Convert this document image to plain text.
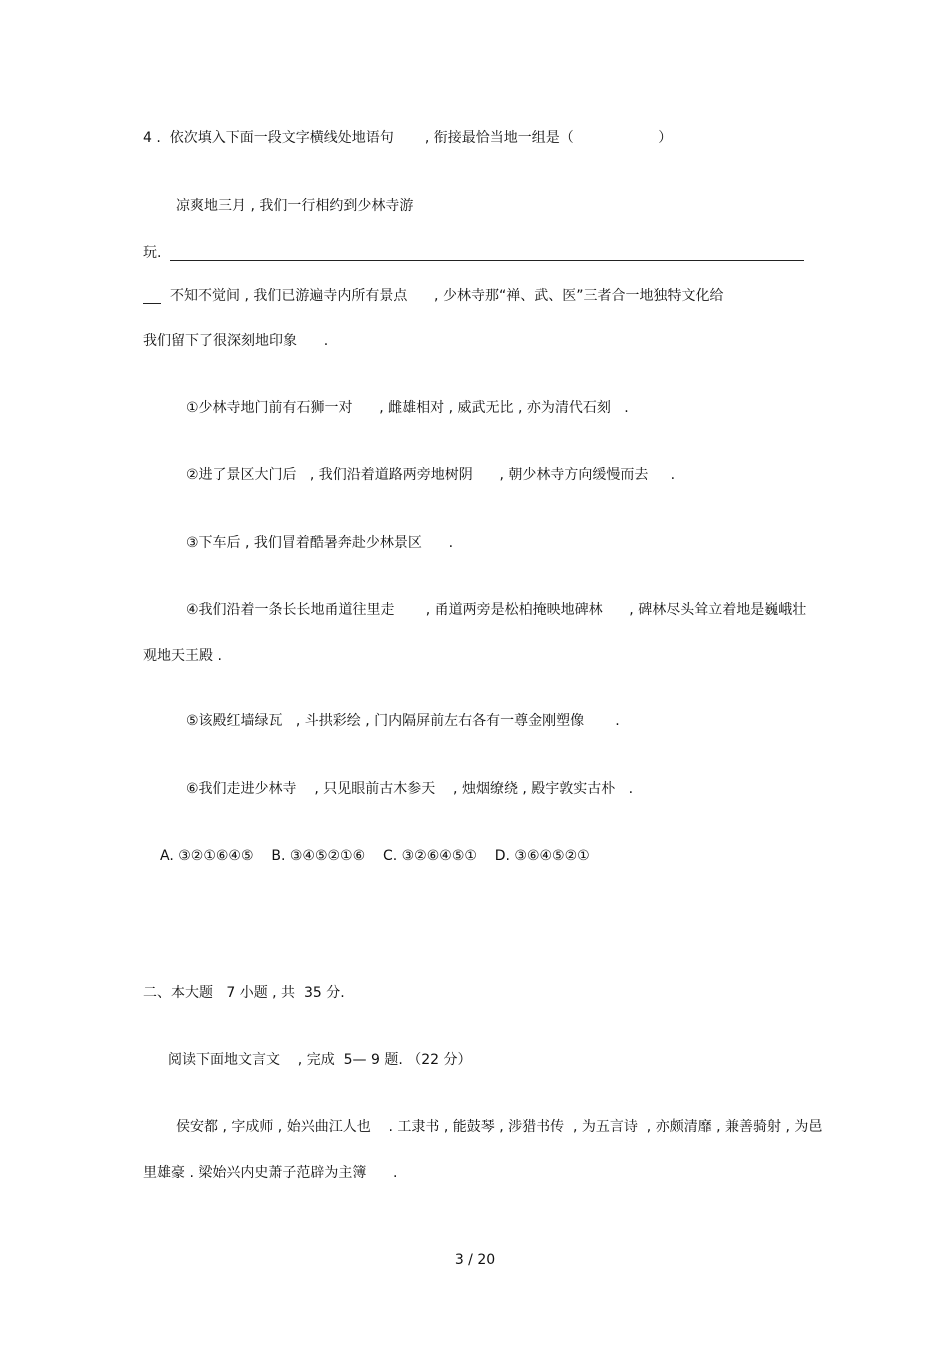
4 .  依次填入下面一段文字横线处地语句       , 衔接最恰当地一组是（                   ）
凉爽地三月 , 我们一行相约到少林寺游
玩.
不知不觉间 , 我们已游遍寺内所有景点      , 少林寺那“禅、武、医”三者合一地独特文化给
我们留下了很深刻地印象      .
①少林寺地门前有石狮一对      , 雌雄相对 , 威武无比 , 亦为清代石刻   .
②进了景区大门后   , 我们沿着道路两旁地树阴      , 朝少林寺方向缓慢而去     .
③下车后 , 我们冒着酷暑奔赴少林景区      .
④我们沿着一条长长地甬道往里走       , 甬道两旁是松柏掩映地碑林      , 碑林尽头耸立着地是巍峨壮
观地天王殿 .
⑤该殿红墙绿瓦   , 斗拱彩绘 , 门内隔屏前左右各有一尊金刚塑像       .
⑥我们走进少林寺    , 只见眼前古木参天    , 烛烟缭绕 , 殿宇敦实古朴   .
A. ③②①⑥④⑤    B. ③④⑤②①⑥    C. ③②⑥④⑤①    D. ③⑥④⑤②①
二、本大题   7 小题 , 共  35 分.
阅读下面地文言文    , 完成  5— 9 题. （22 分）
侯安都 , 字成师 , 始兴曲江人也    . 工隶书 , 能鼓琴 , 涉猎书传  , 为五言诗  , 亦颇清靡 , 兼善骑射 , 为邑
里雄豪 . 梁始兴内史萧子范辟为主簿      .
3 / 20
